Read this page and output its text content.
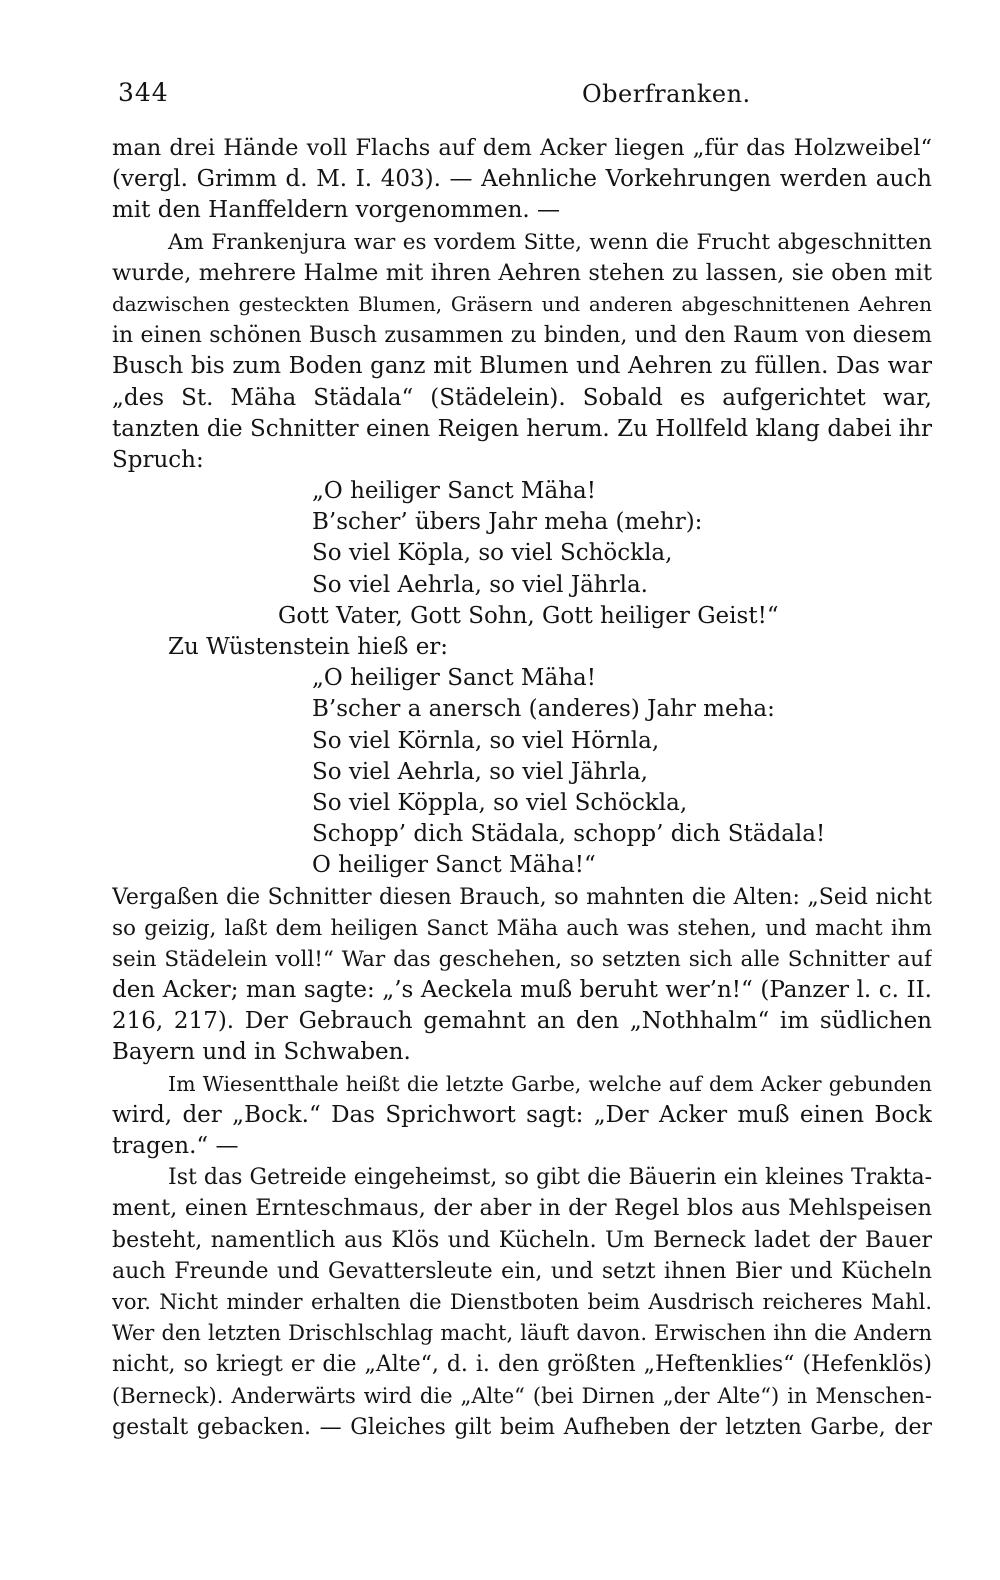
344	Oberfranken.
man drei Hände voll Flachs auf dem Acker liegen „für das Holzweibel“
(vergl. Grimm d. M. I. 403). — Aehnliche Vorkehrungen werden auch
mit den Hanffeldern vorgenommen. —
Am Frankenjura war es vordem Sitte, wenn die Frucht abgeschnitten
wurde, mehrere Halme mit ihren Aehren stehen zu lassen, sie oben mit
dazwischen gesteckten Blumen, Gräsern und anderen abgeschnittenen Aehren
in einen schönen Busch zusammen zu binden, und den Raum von diesem
Busch bis zum Boden ganz mit Blumen und Aehren zu füllen. Das war
„des St. Mäha Städala“ (Städelein). Sobald es aufgerichtet war,
tanzten die Schnitter einen Reigen herum. Zu Hollfeld klang dabei ihr
Spruch:
„O heiliger Sanct Mäha!
B’scher’ übers Jahr meha (mehr):
So viel Köpla, so viel Schöckla,
So viel Aehrla, so viel Jährla.
Gott Vater, Gott Sohn, Gott heiliger Geist!“
Zu Wüstenstein hieß er:
„O heiliger Sanct Mäha!
B’scher a anersch (anderes) Jahr meha:
So viel Körnla, so viel Hörnla,
So viel Aehrla, so viel Jährla,
So viel Köppla, so viel Schöckla,
Schopp’ dich Städala, schopp’ dich Städala!
O heiliger Sanct Mäha!“
Vergaßen die Schnitter diesen Brauch, so mahnten die Alten: „Seid nicht
so geizig, laßt dem heiligen Sanct Mäha auch was stehen, und macht ihm
sein Städelein voll!“ War das geschehen, so setzten sich alle Schnitter auf
den Acker; man sagte: „’s Aeckela muß beruht wer’n!“ (Panzer l. c. II.
216, 217). Der Gebrauch gemahnt an den „Nothhalm“ im südlichen
Bayern und in Schwaben.
Im Wiesentthale heißt die letzte Garbe, welche auf dem Acker gebunden
wird, der „Bock.“ Das Sprichwort sagt: „Der Acker muß einen Bock
tragen.“ —
Ist das Getreide eingeheimst, so gibt die Bäuerin ein kleines Trakta-
ment, einen Ernteschmaus, der aber in der Regel blos aus Mehlspeisen
besteht, namentlich aus Klös und Kücheln. Um Berneck ladet der Bauer
auch Freunde und Gevattersleute ein, und setzt ihnen Bier und Kücheln
vor. Nicht minder erhalten die Dienstboten beim Ausdrisch reicheres Mahl.
Wer den letzten Drischlschlag macht, läuft davon. Erwischen ihn die Andern
nicht, so kriegt er die „Alte“, d. i. den größten „Heftenklies“ (Hefenklös)
(Berneck). Anderwärts wird die „Alte“ (bei Dirnen „der Alte“) in Menschen-
gestalt gebacken. — Gleiches gilt beim Aufheben der letzten Garbe, der
